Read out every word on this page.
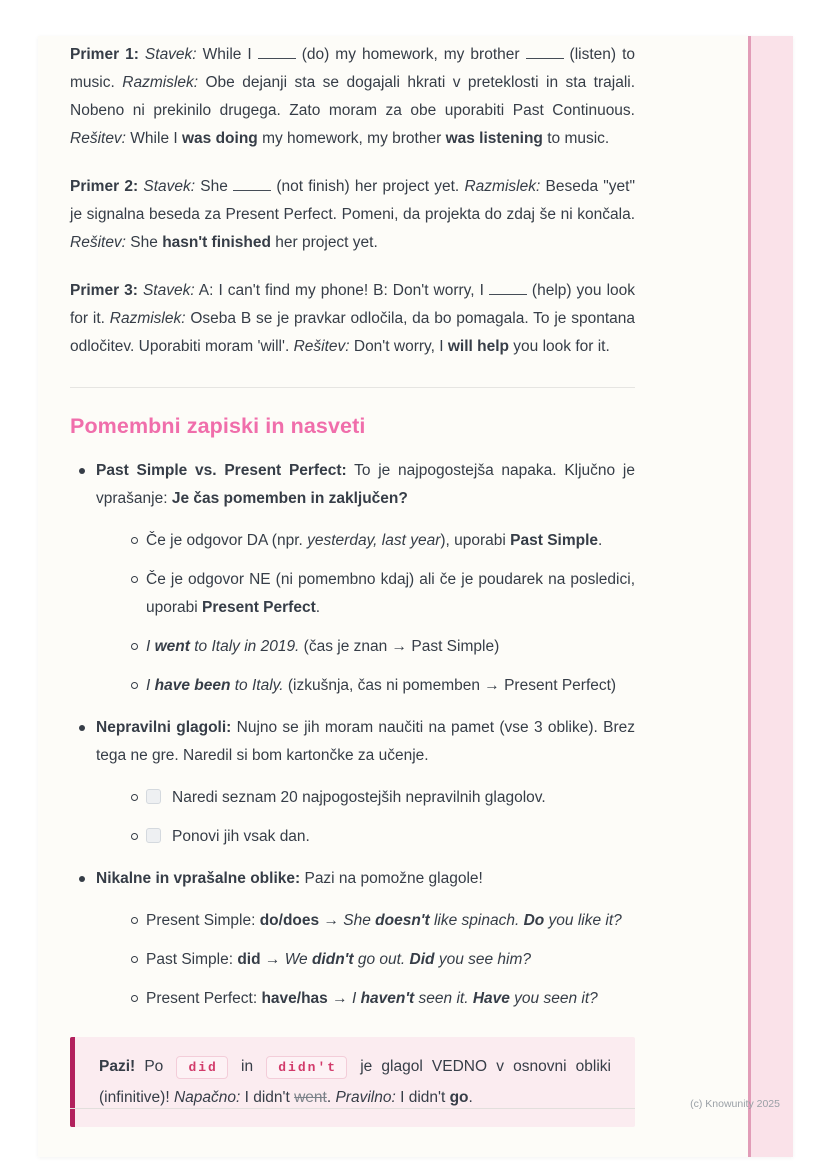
Primer 1: Stavek: While I  (do) my homework, my brother  (listen) to music. Razmislek: Obe dejanji sta se dogajali hkrati v preteklosti in sta trajali. Nobeno ni prekinilo drugega. Zato moram za obe uporabiti Past Continuous. Rešitev: While I was doing my homework, my brother was listening to music.

Primer 2: Stavek: She  (not finish) her project yet. Razmislek: Beseda "yet" je signalna beseda za Present Perfect. Pomeni, da projekta do zdaj še ni končala. Rešitev: She hasn't finished her project yet.

Primer 3: Stavek: A: I can't find my phone! B: Don't worry, I  (help) you look for it. Razmislek: Oseba B se je pravkar odločila, da bo pomagala. To je spontana odločitev. Uporabiti moram 'will'. Rešitev: Don't worry, I will help you look for it.

Pomembni zapiski in nasveti
Past Simple vs. Present Perfect: To je najpogostejša napaka. Ključno je vprašanje: Je čas pomemben in zaključen?
Če je odgovor DA (npr. yesterday, last year), uporabi Past Simple.
Če je odgovor NE (ni pomembno kdaj) ali če je poudarek na posledici, uporabi Present Perfect.
I went to Italy in 2019. (čas je znan → Past Simple)
I have been to Italy. (izkušnja, čas ni pomemben → Present Perfect)
Nepravilni glagoli: Nujno se jih moram naučiti na pamet (vse 3 oblike). Brez tega ne gre. Naredil si bom kartončke za učenje.
Naredi seznam 20 najpogostejših nepravilnih glagolov.
Ponovi jih vsak dan.
Nikalne in vprašalne oblike: Pazi na pomožne glagole!
Present Simple: do/does → She doesn't like spinach. Do you like it?
Past Simple: did → We didn't go out. Did you see him?
Present Perfect: have/has → I haven't seen it. Have you seen it?
Pazi! Po did in didn't je glagol VEDNO v osnovni obliki (infinitive)! Napačno: I didn't went. Pravilno: I didn't go.	(c) Knowunity 2025
